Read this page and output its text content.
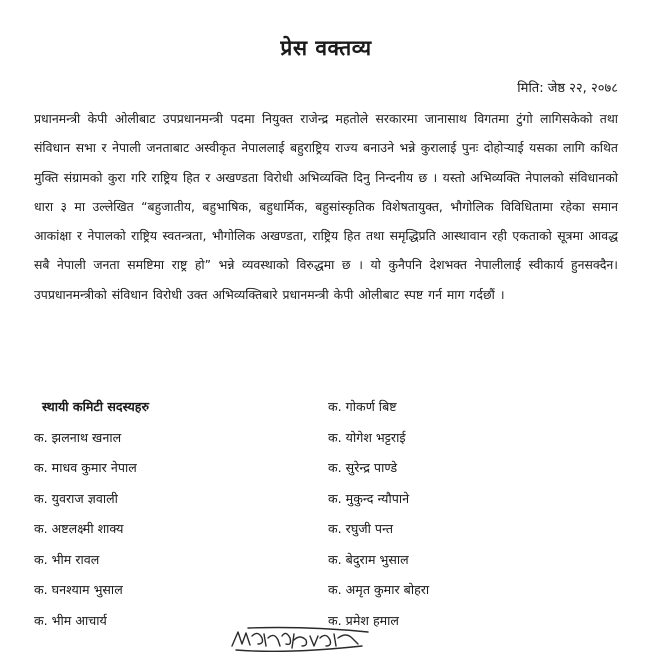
प्रेस वक्तव्य

मिति: जेष्ठ २२, २०७८

प्रधानमन्त्री केपी ओलीबाट उपप्रधानमन्त्री पदमा नियुक्त राजेन्द्र महतोले सरकारमा जानासाथ विगतमा टुंगो लागिसकेको तथा संविधान सभा र नेपाली जनताबाट अस्वीकृत नेपाललाई बहुराष्ट्रिय राज्य बनाउने भन्ने कुरालाई पुनः दोहोऱ्याई यसका लागि कथित मुक्ति संग्रामको कुरा गरि राष्ट्रिय हित र अखण्डता विरोधी अभिव्यक्ति दिनु निन्दनीय छ । यस्तो अभिव्यक्ति नेपालको संविधानको धारा ३ मा उल्लेखित “बहुजातीय, बहुभाषिक, बहुधार्मिक, बहुसांस्कृतिक विशेषतायुक्त, भौगोलिक विविधितामा रहेका समान आकांक्षा र नेपालको राष्ट्रिय स्वतन्त्रता, भौगोलिक अखण्डता, राष्ट्रिय हित तथा समृद्धिप्रति आस्थावान रही एकताको सूत्रमा आवद्ध सबै नेपाली जनता समष्टिमा राष्ट्र हो” भन्ने व्यवस्थाको विरुद्धमा छ । यो कुनैपनि देशभक्त नेपालीलाई स्वीकार्य हुनसक्दैन। उपप्रधानमन्त्रीको संविधान विरोधी उक्त अभिव्यक्तिबारे प्रधानमन्त्री केपी ओलीबाट स्पष्ट गर्न माग गर्दछौं ।

स्थायी कमिटी सदस्यहरु
क. झलनाथ खनाल
क. माधव कुमार नेपाल
क. युवराज ज्ञवाली
क. अष्टलक्ष्मी शाक्य
क. भीम रावल
क. घनश्याम भुसाल
क. भीम आचार्य
क. गोकर्ण बिष्ट
क. योगेश भट्टराई
क. सुरेन्द्र पाण्डे
क. मुकुन्द न्यौपाने
क. रघुजी पन्त
क. बेदुराम भुसाल
क. अमृत कुमार बोहरा
क. प्रमेश हमाल
